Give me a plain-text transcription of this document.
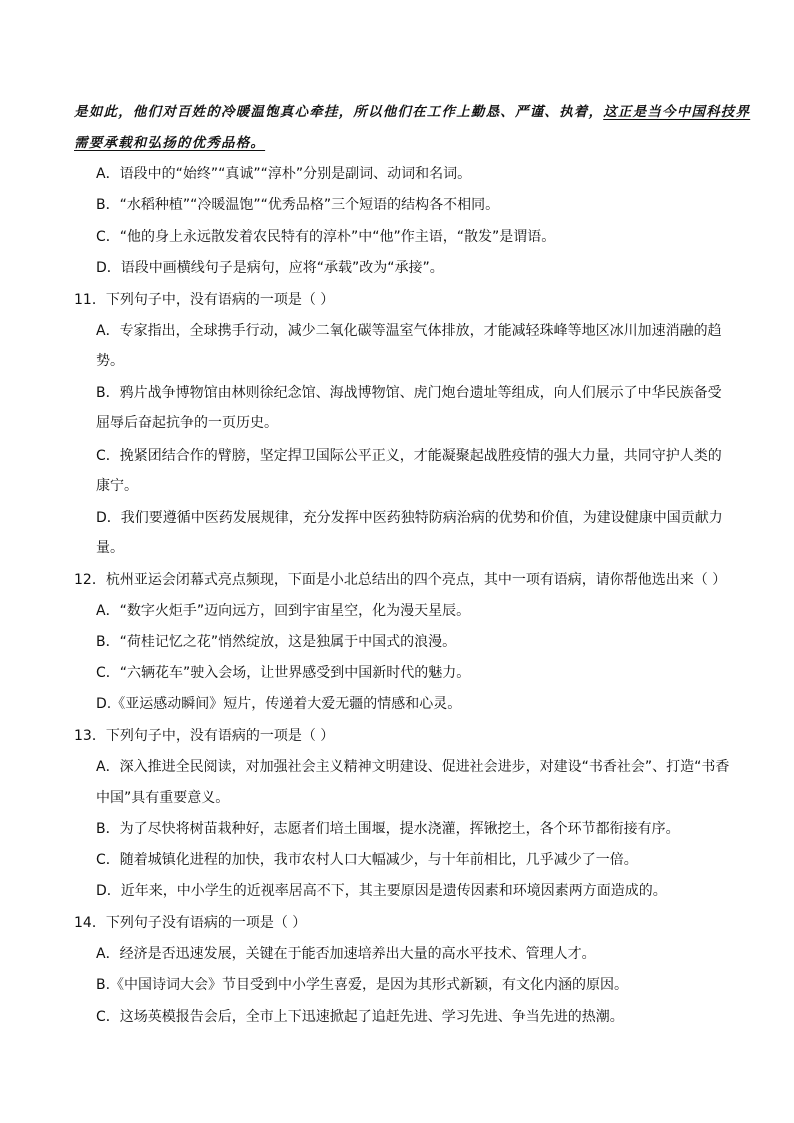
是如此，他们对百姓的冷暖温饱真心牵挂，所以他们在工作上勤恳、严谨、执着，这正是当今中国科技界
需要承载和弘扬的优秀品格。
A．语段中的“始终”“真诚”“淳朴”分别是副词、动词和名词。
B．“水稻种植”“冷暖温饱”“优秀品格”三个短语的结构各不相同。
C．“他的身上永远散发着农民特有的淳朴”中“他”作主语，“散发”是谓语。
D．语段中画横线句子是病句，应将“承载”改为“承接”。
11．下列句子中，没有语病的一项是（ ）
A．专家指出，全球携手行动，减少二氧化碳等温室气体排放，才能减轻珠峰等地区冰川加速消融的趋
势。
B．鸦片战争博物馆由林则徐纪念馆、海战博物馆、虎门炮台遗址等组成，向人们展示了中华民族备受
屈辱后奋起抗争的一页历史。
C．挽紧团结合作的臂膀，坚定捍卫国际公平正义，才能凝聚起战胜疫情的强大力量，共同守护人类的
康宁。
D．我们要遵循中医药发展规律，充分发挥中医药独特防病治病的优势和价值，为建设健康中国贡献力
量。
12．杭州亚运会闭幕式亮点频现，下面是小北总结出的四个亮点，其中一项有语病，请你帮他选出来（ ）
A．“数字火炬手”迈向远方，回到宇宙星空，化为漫天星辰。
B．“荷桂记忆之花”悄然绽放，这是独属于中国式的浪漫。
C．“六辆花车”驶入会场，让世界感受到中国新时代的魅力。
D.《亚运感动瞬间》短片，传递着大爱无疆的情感和心灵。
13．下列句子中，没有语病的一项是（ ）
A．深入推进全民阅读，对加强社会主义精神文明建设、促进社会进步，对建设“书香社会”、打造“书香
中国”具有重要意义。
B．为了尽快将树苗栽种好，志愿者们培土围堰，提水浇灌，挥锹挖土，各个环节都衔接有序。
C．随着城镇化进程的加快，我市农村人口大幅减少，与十年前相比，几乎减少了一倍。
D．近年来，中小学生的近视率居高不下，其主要原因是遗传因素和环境因素两方面造成的。
14．下列句子没有语病的一项是（ ）
A．经济是否迅速发展，关键在于能否加速培养出大量的高水平技术、管理人才。
B.《中国诗词大会》节目受到中小学生喜爱，是因为其形式新颖，有文化内涵的原因。
C．这场英模报告会后，全市上下迅速掀起了追赶先进、学习先进、争当先进的热潮。
